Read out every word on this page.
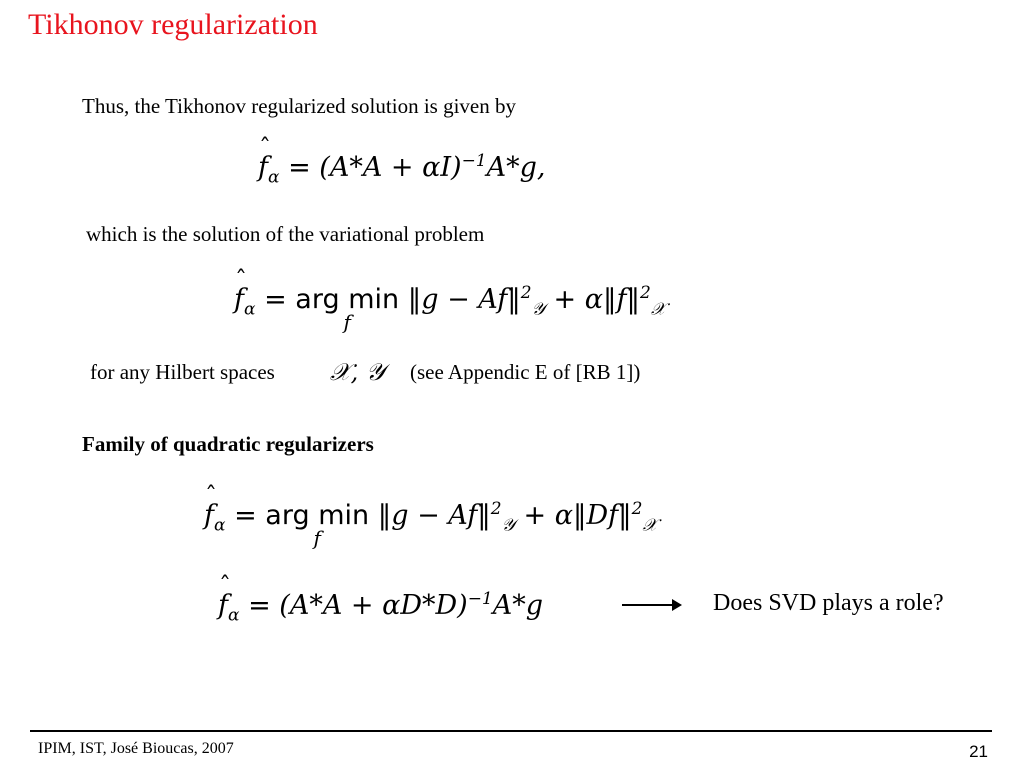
Tikhonov regularization
Thus, the Tikhonov regularized solution is given by
ˆ $f_\alpha = (A*A + \alpha I)^{-1}A*g$,
which is the solution of the variational problem
ˆ $f_\alpha$ = arg min
f
‖g − Af‖$^2_𝒴$ + α‖f‖$^2_𝒳$
for any Hilbert spaces 𝒳, 𝒴 (see Appendic E of [RB 1])
Family of quadratic regularizers
ˆ $f_\alpha$ = arg min
f
‖g − Af‖$^2_𝒴$ + α‖Df‖$^2_𝒳$
ˆ $f_\alpha = (A*A + \alpha D*D)^{-1}A*g$	Does SVD plays a role?
IPIM, IST, José Bioucas, 2007	21
